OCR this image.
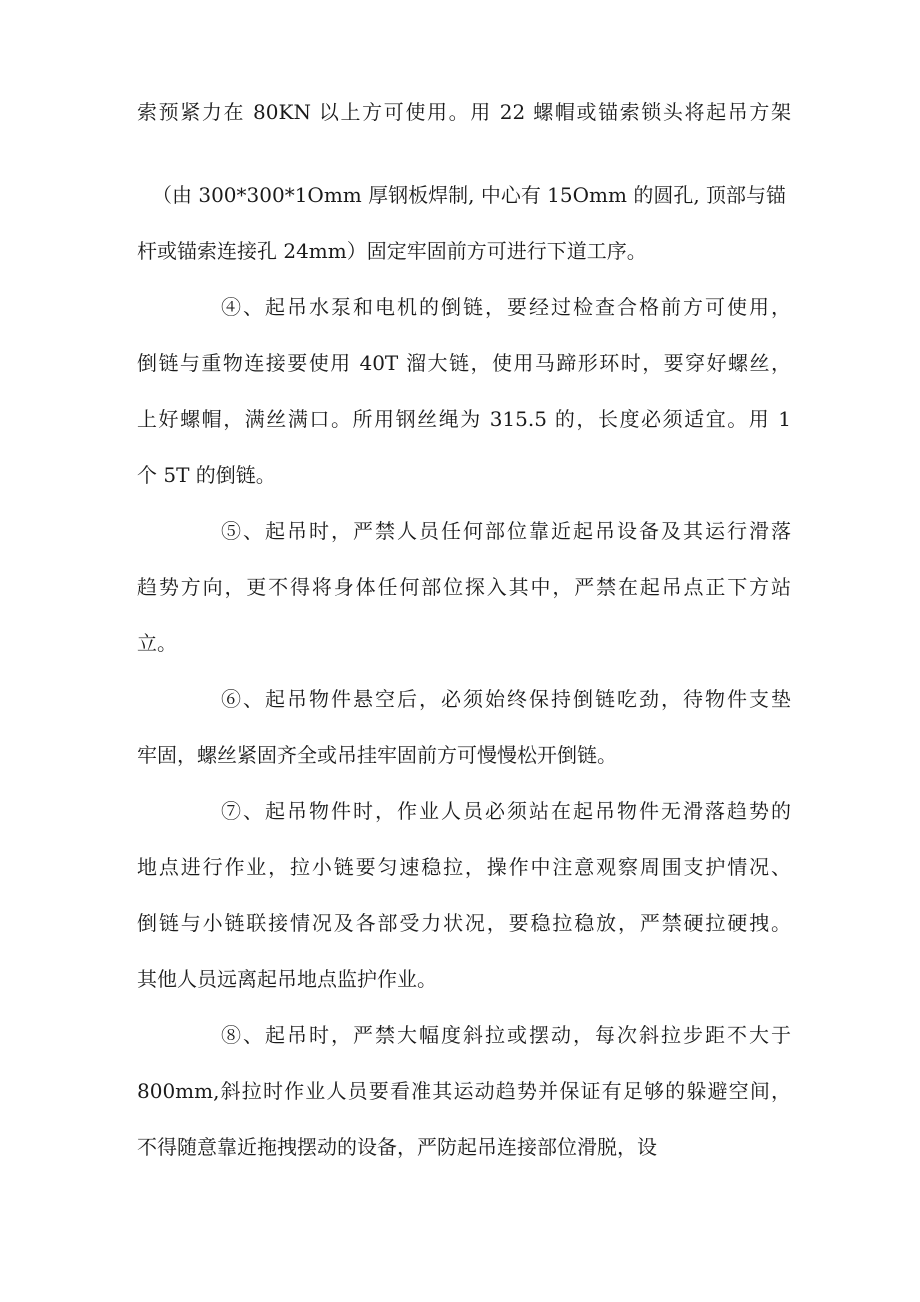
索预紧力在 80KN 以上方可使用。用 22 螺帽或锚索锁头将起吊方架
（由 300*300*1Omm 厚钢板焊制, 中心有 15Omm 的圆孔, 顶部与锚
杆或锚索连接孔 24mm）固定牢固前方可进行下道工序。
④、起吊水泵和电机的倒链，要经过检查合格前方可使用，
倒链与重物连接要使用 40T 溜大链，使用马蹄形环时，要穿好螺丝，
上好螺帽，满丝满口。所用钢丝绳为 315.5 的，长度必须适宜。用 1
个 5T 的倒链。
⑤、起吊时，严禁人员任何部位靠近起吊设备及其运行滑落
趋势方向，更不得将身体任何部位探入其中，严禁在起吊点正下方站
立。
⑥、起吊物件悬空后，必须始终保持倒链吃劲，待物件支垫
牢固，螺丝紧固齐全或吊挂牢固前方可慢慢松开倒链。
⑦、起吊物件时，作业人员必须站在起吊物件无滑落趋势的
地点进行作业，拉小链要匀速稳拉，操作中注意观察周围支护情况、
倒链与小链联接情况及各部受力状况，要稳拉稳放，严禁硬拉硬拽。
其他人员远离起吊地点监护作业。
⑧、起吊时，严禁大幅度斜拉或摆动，每次斜拉步距不大于
800mm,斜拉时作业人员要看准其运动趋势并保证有足够的躲避空间，
不得随意靠近拖拽摆动的设备，严防起吊连接部位滑脱，设
